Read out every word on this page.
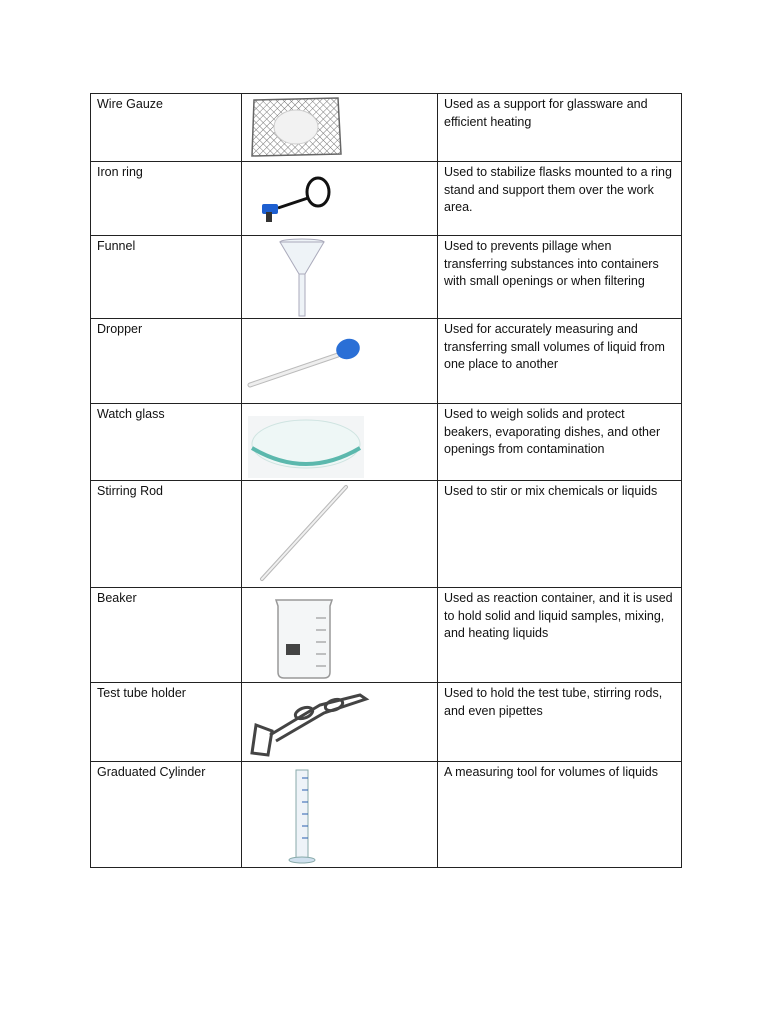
Wire Gauze		Used as a support for glassware and efficient heating

Iron ring		Used to stabilize flasks mounted to a ring stand and support them over the work area.

Funnel		Used to prevents pillage when transferring substances into containers with small openings or when filtering

Dropper		Used for accurately measuring and transferring small volumes of liquid from one place to another

Watch glass		Used to weigh solids and protect beakers, evaporating dishes, and other openings from contamination

Stirring Rod		Used to stir or mix chemicals or liquids

Beaker		Used as reaction container, and it is used to hold solid and liquid samples, mixing, and heating liquids

Test tube holder		Used to hold the test tube, stirring rods, and even pipettes

Graduated Cylinder		A measuring tool for volumes of liquids
